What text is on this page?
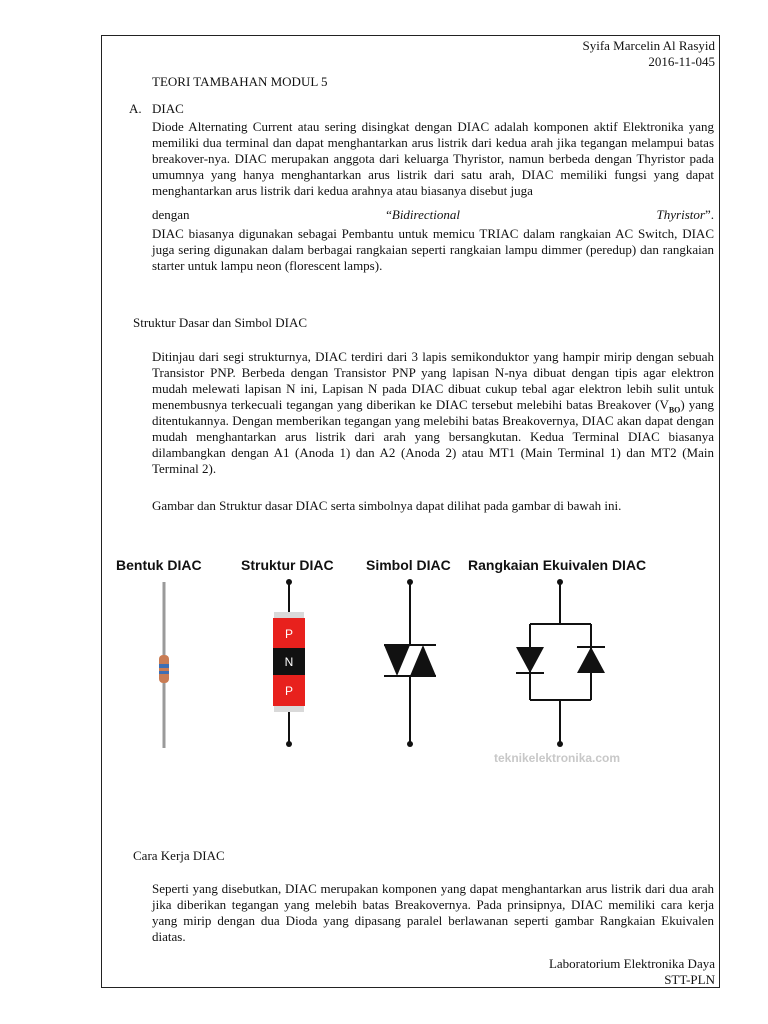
Syifa Marcelin Al Rasyid
2016-11-045
TEORI TAMBAHAN MODUL 5
A. DIAC
Diode Alternating Current atau sering disingkat dengan DIAC adalah komponen aktif Elektronika yang memiliki dua terminal dan dapat menghantarkan arus listrik dari kedua arah jika tegangan melampui batas breakover-nya. DIAC merupakan anggota dari keluarga Thyristor, namun berbeda dengan Thyristor pada umumnya yang hanya menghantarkan arus listrik dari satu arah, DIAC memiliki fungsi yang dapat menghantarkan arus listrik dari kedua arahnya atau biasanya disebut juga
dengan	“Bidirectional	Thyristor”.
DIAC biasanya digunakan sebagai Pembantu untuk memicu TRIAC dalam rangkaian AC Switch, DIAC juga sering digunakan dalam berbagai rangkaian seperti rangkaian lampu dimmer (peredup) dan rangkaian starter untuk lampu neon (florescent lamps).
Struktur Dasar dan Simbol DIAC
Ditinjau dari segi strukturnya, DIAC terdiri dari 3 lapis semikonduktor yang hampir mirip dengan sebuah Transistor PNP. Berbeda dengan Transistor PNP yang lapisan N-nya dibuat dengan tipis agar elektron mudah melewati lapisan N ini, Lapisan N pada DIAC dibuat cukup tebal agar elektron lebih sulit untuk menembusnya terkecuali tegangan yang diberikan ke DIAC tersebut melebihi batas Breakover $(V_{BO})$ yang ditentukannya. Dengan memberikan tegangan yang melebihi batas Breakovernya, DIAC akan dapat dengan mudah menghantarkan arus listrik dari arah yang bersangkutan. Kedua Terminal DIAC biasanya dilambangkan dengan A1 (Anoda 1) dan A2 (Anoda 2) atau MT1 (Main Terminal 1) dan MT2 (Main Terminal 2).
Gambar dan Struktur dasar DIAC serta simbolnya dapat dilihat pada gambar di bawah ini.
Bentuk DIAC	Struktur DIAC Simbol DIAC Rangkaian Ekuivalen DIAC
P
N
P
teknikelektronika.com
Cara Kerja DIAC
Seperti yang disebutkan, DIAC merupakan komponen yang dapat menghantarkan arus listrik dari dua arah jika diberikan tegangan yang melebih batas Breakovernya. Pada prinsipnya, DIAC memiliki cara kerja yang mirip dengan dua Dioda yang dipasang paralel berlawanan seperti gambar Rangkaian Ekuivalen diatas.
Laboratorium Elektronika Daya
STT-PLN
